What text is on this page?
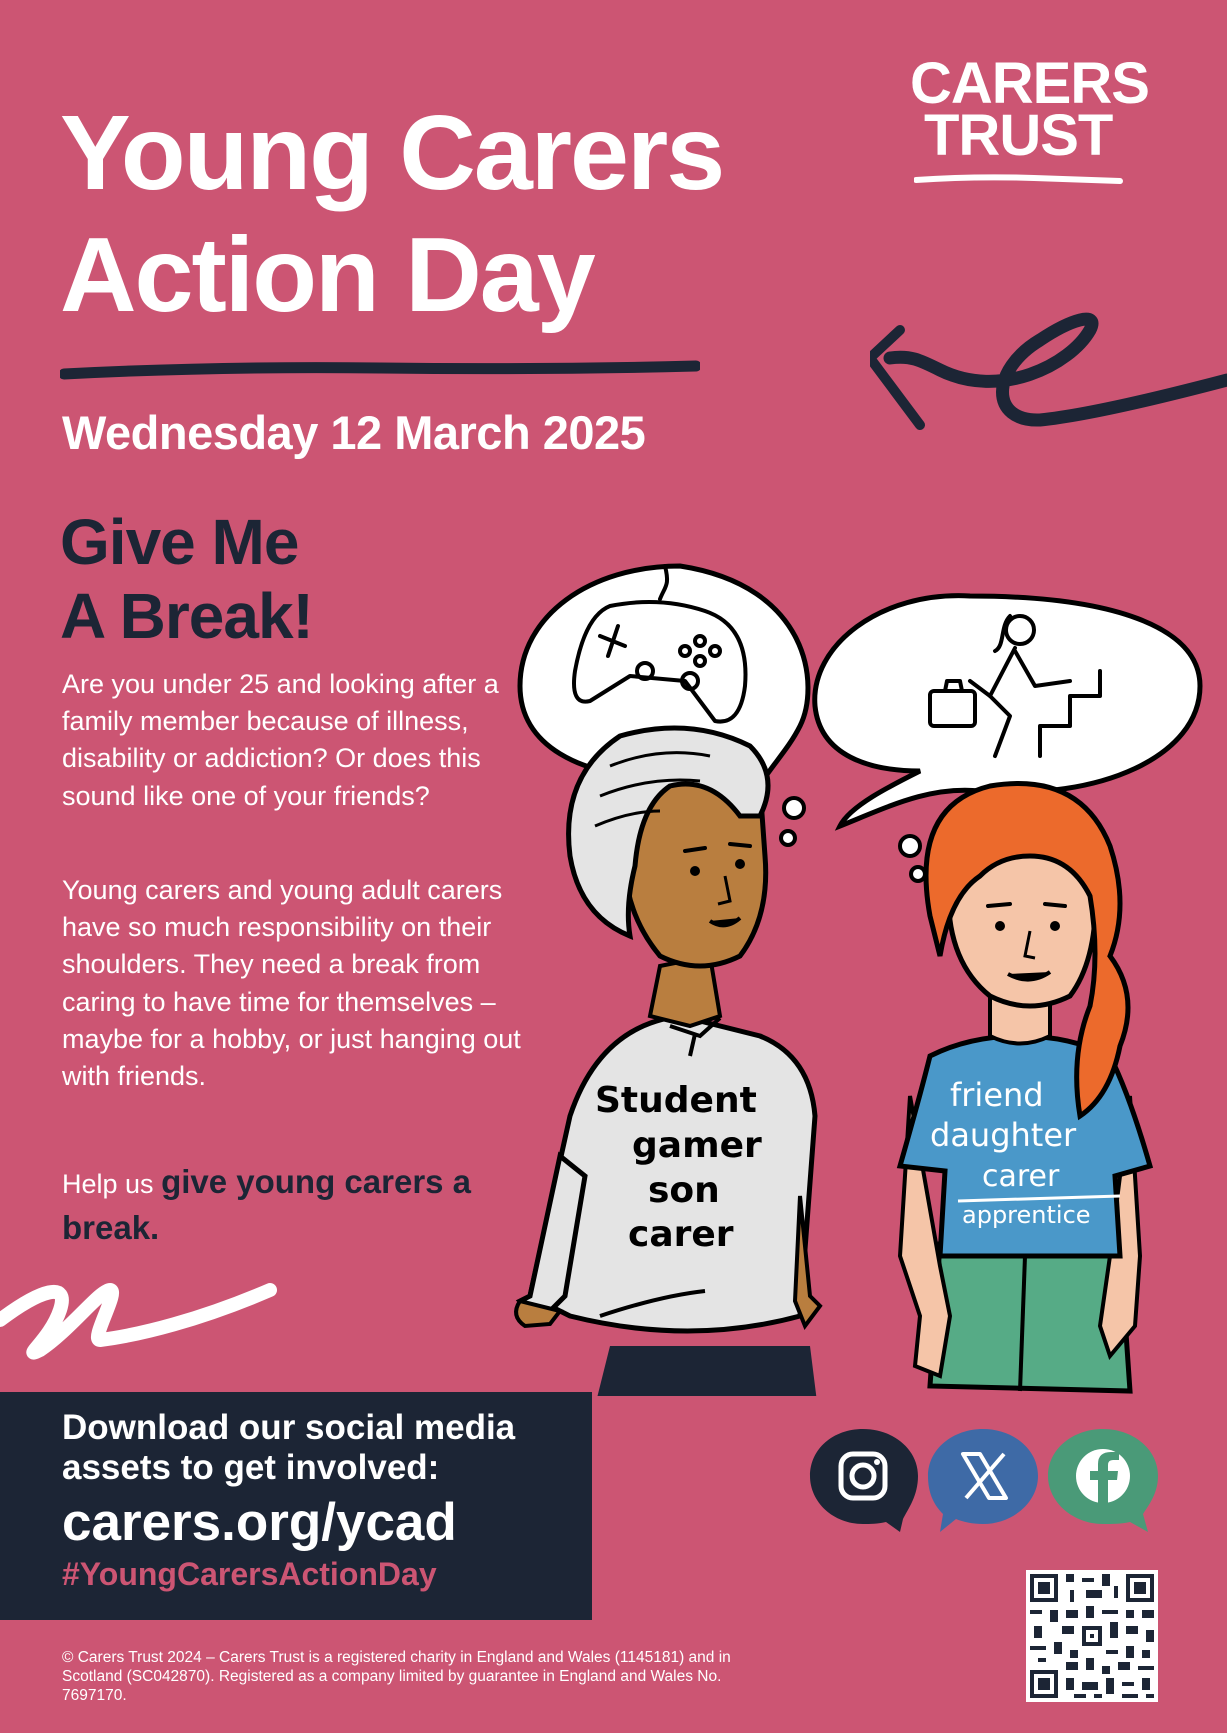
Young Carers
Action Day
CARERS
TRUST
Wednesday 12 March 2025
Give Me
A Break!

Are you under 25 and looking after a family member because of illness, disability or addiction? Or does this sound like one of your friends?

Young carers and young adult carers have so much responsibility on their shoulders. They need a break from caring to have time for themselves – maybe for a hobby, or just hanging out with friends.

Help us give young carers a break.

Student
gamer
son
carer
friend
daughter
carer
apprentice
Download our social media assets to get involved:
carers.org/ycad
#YoungCarersActionDay

© Carers Trust 2024 – Carers Trust is a registered charity in England and Wales (1145181) and in Scotland (SC042870). Registered as a company limited by guarantee in England and Wales No. 7697170.
